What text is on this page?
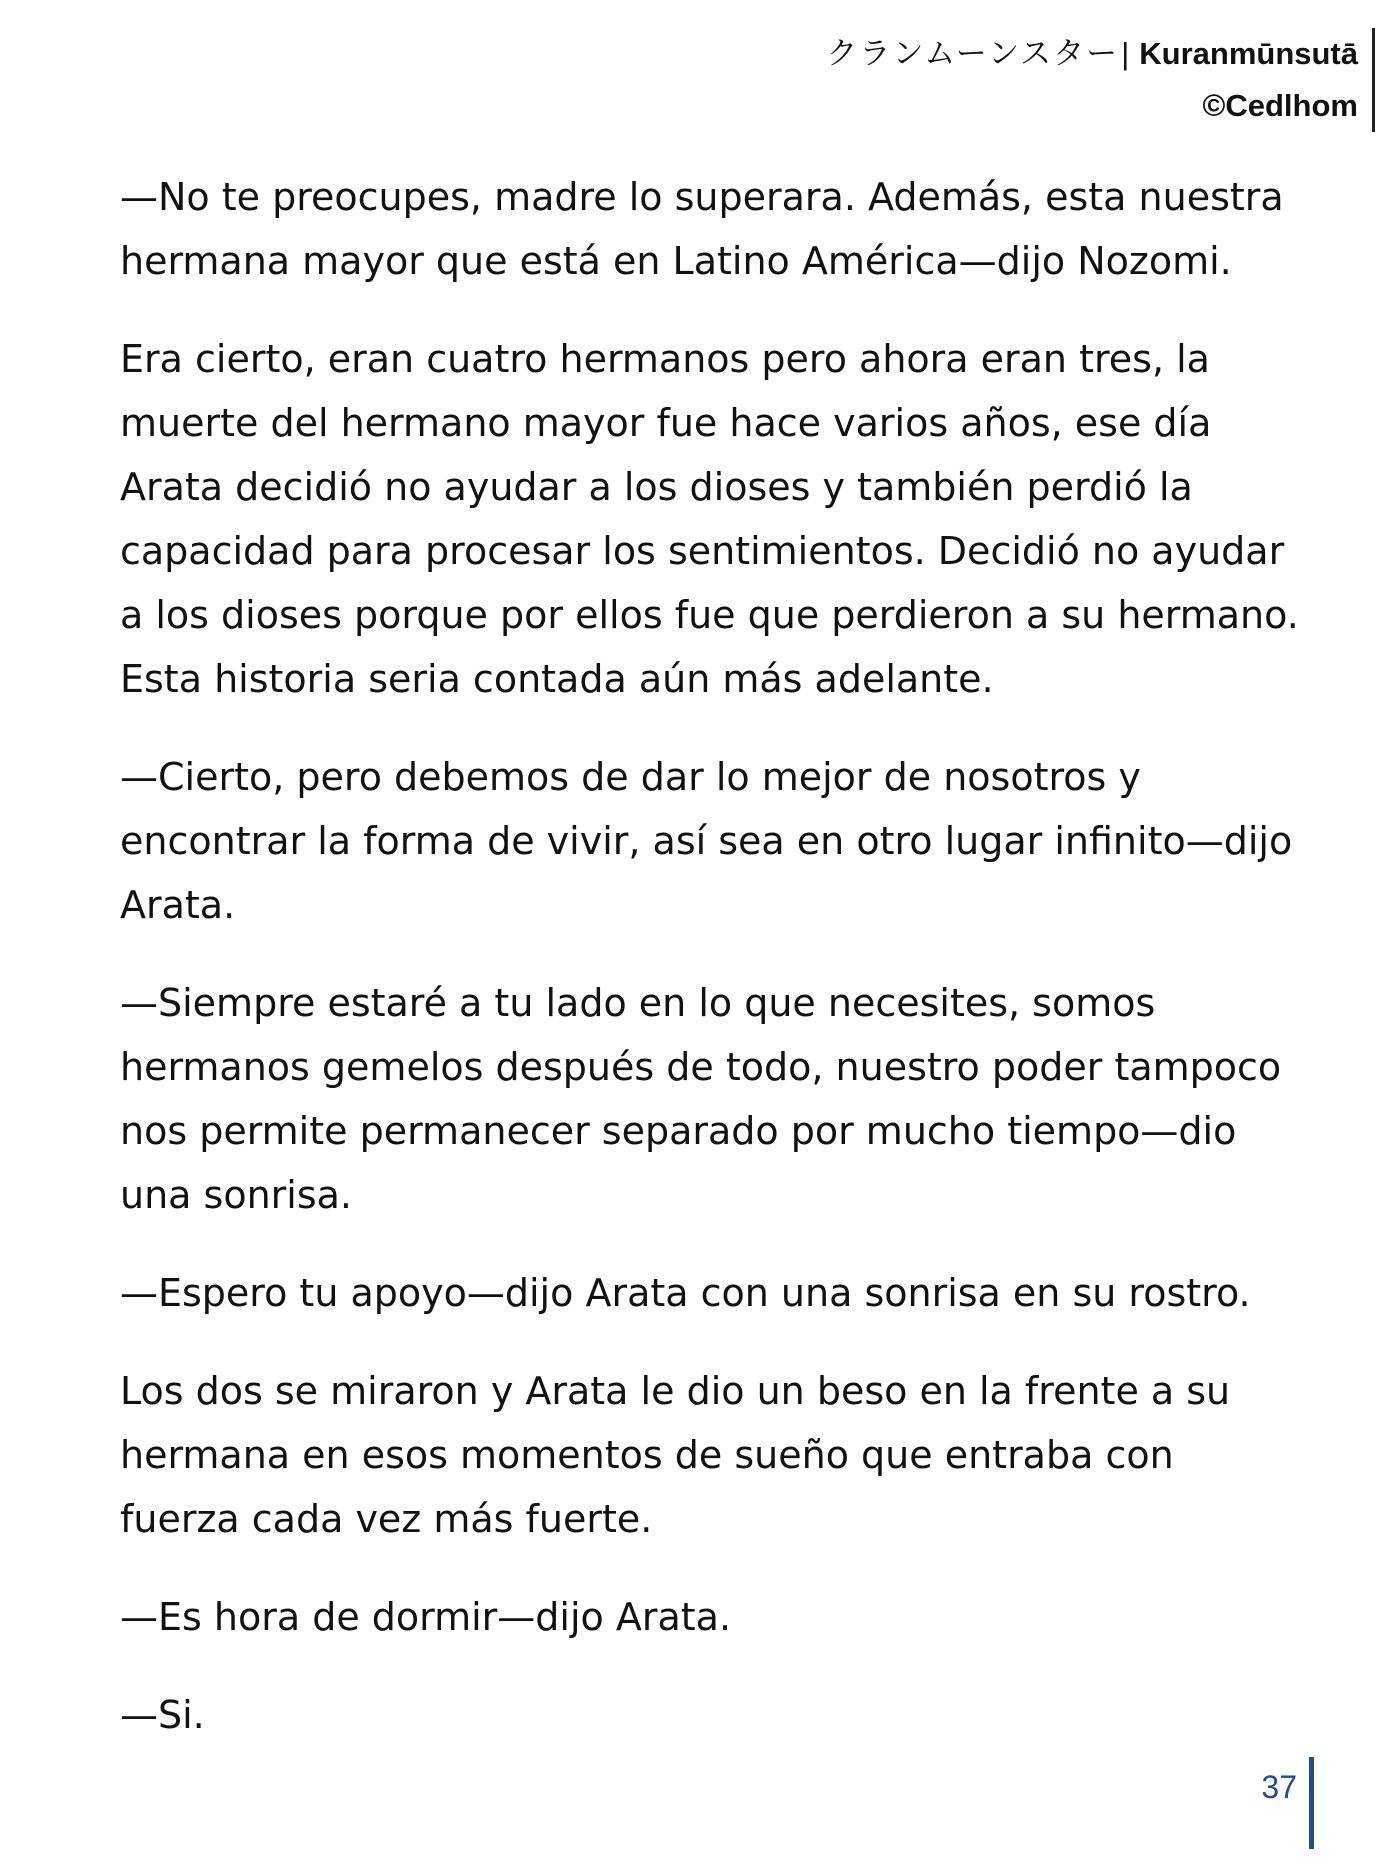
クランムーンスター| Kuranmūnsutā
©Cedlhom

—No te preocupes, madre lo superara. Además, esta nuestra hermana mayor que está en Latino América—dijo Nozomi.

Era cierto, eran cuatro hermanos pero ahora eran tres, la muerte del hermano mayor fue hace varios años, ese día Arata decidió no ayudar a los dioses y también perdió la capacidad para procesar los sentimientos. Decidió no ayudar a los dioses porque por ellos fue que perdieron a su hermano. Esta historia seria contada aún más adelante.

—Cierto, pero debemos de dar lo mejor de nosotros y encontrar la forma de vivir, así sea en otro lugar infinito—dijo Arata.

—Siempre estaré a tu lado en lo que necesites, somos hermanos gemelos después de todo, nuestro poder tampoco nos permite permanecer separado por mucho tiempo—dio una sonrisa.

—Espero tu apoyo—dijo Arata con una sonrisa en su rostro.

Los dos se miraron y Arata le dio un beso en la frente a su hermana en esos momentos de sueño que entraba con fuerza cada vez más fuerte.

—Es hora de dormir—dijo Arata.

—Si.

37
